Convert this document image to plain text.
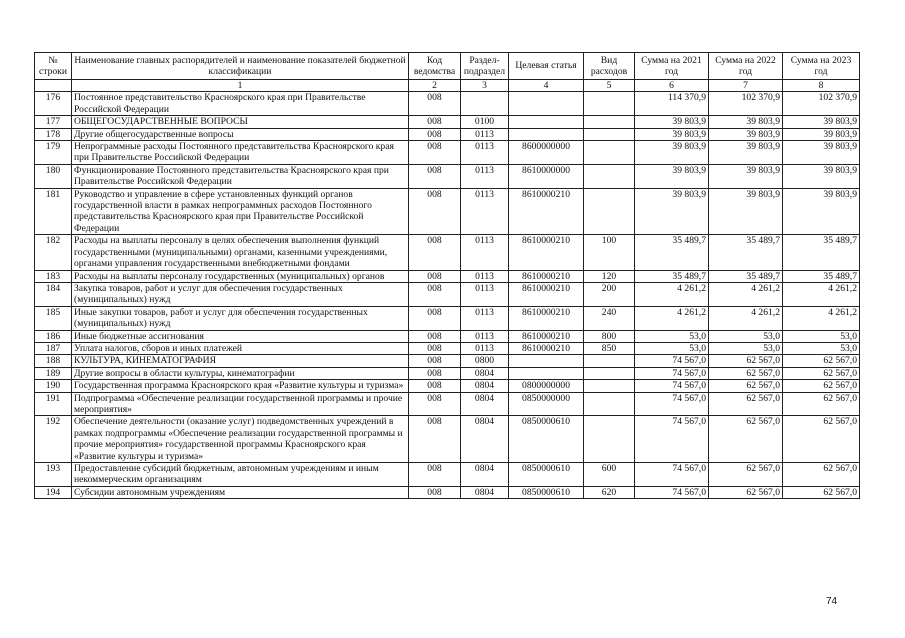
№ строки	Наименование главных распорядителей и наименование показателей бюджетной классификации	Код ведомства	Раздел-подраздел	Целевая статья	Вид расходов	Сумма на 2021 год	Сумма на 2022 год	Сумма на 2023 год
	1	2	3	4	5	6	7	8
176	Постоянное представительство Красноярского края при Правительстве Российской Федерации	008				114 370,9	102 370,9	102 370,9
177	ОБЩЕГОСУДАРСТВЕННЫЕ ВОПРОСЫ	008	0100			39 803,9	39 803,9	39 803,9
178	Другие общегосударственные вопросы	008	0113			39 803,9	39 803,9	39 803,9
179	Непрограммные расходы Постоянного представительства Красноярского края при Правительстве Российской Федерации	008	0113	8600000000		39 803,9	39 803,9	39 803,9
180	Функционирование Постоянного представительства Красноярского края при Правительстве Российской Федерации	008	0113	8610000000		39 803,9	39 803,9	39 803,9
181	Руководство и управление в сфере установленных функций органов государственной власти в рамках непрограммных расходов Постоянного представительства Красноярского края при Правительстве Российской Федерации	008	0113	8610000210		39 803,9	39 803,9	39 803,9
182	Расходы на выплаты персоналу в целях обеспечения выполнения функций государственными (муниципальными) органами, казенными учреждениями, органами управления государственными внебюджетными фондами	008	0113	8610000210	100	35 489,7	35 489,7	35 489,7
183	Расходы на выплаты персоналу государственных (муниципальных) органов	008	0113	8610000210	120	35 489,7	35 489,7	35 489,7
184	Закупка товаров, работ и услуг для обеспечения государственных (муниципальных) нужд	008	0113	8610000210	200	4 261,2	4 261,2	4 261,2
185	Иные закупки товаров, работ и услуг для обеспечения государственных (муниципальных) нужд	008	0113	8610000210	240	4 261,2	4 261,2	4 261,2
186	Иные бюджетные ассигнования	008	0113	8610000210	800	53,0	53,0	53,0
187	Уплата налогов, сборов и иных платежей	008	0113	8610000210	850	53,0	53,0	53,0
188	КУЛЬТУРА, КИНЕМАТОГРАФИЯ	008	0800			74 567,0	62 567,0	62 567,0
189	Другие вопросы в области культуры, кинематографии	008	0804			74 567,0	62 567,0	62 567,0
190	Государственная программа Красноярского края «Развитие культуры и туризма»	008	0804	0800000000		74 567,0	62 567,0	62 567,0
191	Подпрограмма «Обеспечение реализации государственной программы и прочие мероприятия»	008	0804	0850000000		74 567,0	62 567,0	62 567,0
192	Обеспечение деятельности (оказание услуг) подведомственных учреждений в рамках подпрограммы «Обеспечение реализации государственной программы и прочие мероприятия» государственной программы Красноярского края «Развитие культуры и туризма»	008	0804	0850000610		74 567,0	62 567,0	62 567,0
193	Предоставление субсидий бюджетным, автономным учреждениям и иным некоммерческим организациям	008	0804	0850000610	600	74 567,0	62 567,0	62 567,0
194	Субсидии автономным учреждениям	008	0804	0850000610	620	74 567,0	62 567,0	62 567,0
74
